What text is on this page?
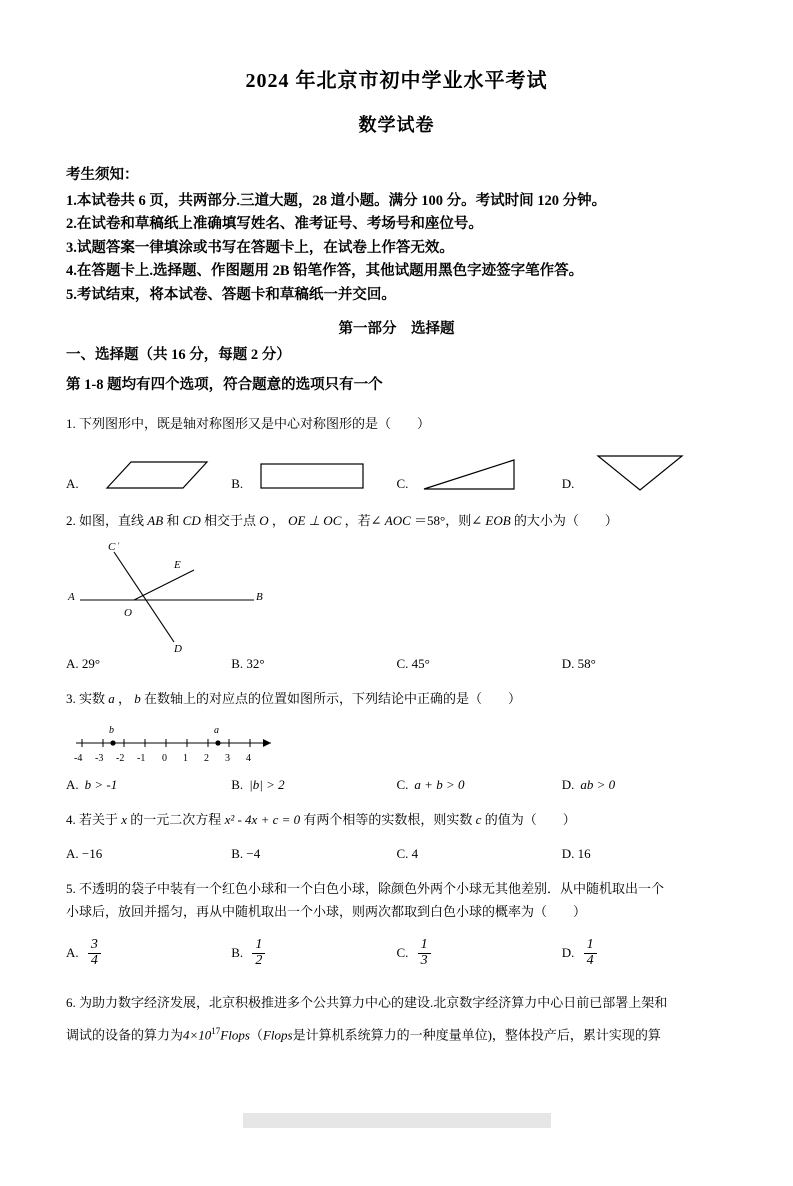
2024 年北京市初中学业水平考试
数学试卷
考生须知：
1.本试卷共 6 页，共两部分.三道大题，28 道小题。满分 100 分。考试时间 120 分钟。
2.在试卷和草稿纸上准确填写姓名、准考证号、考场号和座位号。
3.试题答案一律填涂或书写在答题卡上，在试卷上作答无效。
4.在答题卡上.选择题、作图题用 2B 铅笔作答，其他试题用黑色字迹签字笔作答。
5.考试结束，将本试卷、答题卡和草稿纸一并交回。
第一部分　选择题
一、选择题（共 16 分，每题 2 分）
第 1-8 题均有四个选项，符合题意的选项只有一个
1. 下列图形中，既是轴对称图形又是中心对称图形的是（　　）
A.	B.	C.	D.
2. 如图，直线 AB 和 CD 相交于点 O ， OE ⊥ OC ，若∠ AOC ＝58°，则∠ EOB 的大小为（　　）
C ′
E
A	B
O
D
A. 29°	B. 32°	C. 45°	D. 58°
3. 实数 a ， b 在数轴上的对应点的位置如图所示，下列结论中正确的是（　　）
b	a
-4 -3 -2 -1 0 1 2 3 4
A. b > -1	B. |b| > 2	C. a + b > 0	D. ab > 0
4. 若关于 x 的一元二次方程 x² - 4x + c = 0 有两个相等的实数根，则实数 c 的值为（　　）
A. −16	B. −4	C. 4	D. 16
5. 不透明的袋子中装有一个红色小球和一个白色小球，除颜色外两个小球无其他差别．从中随机取出一个
小球后，放回并摇匀，再从中随机取出一个小球，则两次都取到白色小球的概率为（　　）
A. $\frac{3}{4}$	B. $\frac{1}{2}$	C. $\frac{1}{3}$	D. $\frac{1}{4}$
6. 为助力数字经济发展，北京积极推进多个公共算力中心的建设.北京数字经济算力中心日前已部署上架和
调试的设备的算力为$4\times 10^{17}Flops(Flops$是计算机系统算力的一种度量单位)，整体投产后，累计实现的算
